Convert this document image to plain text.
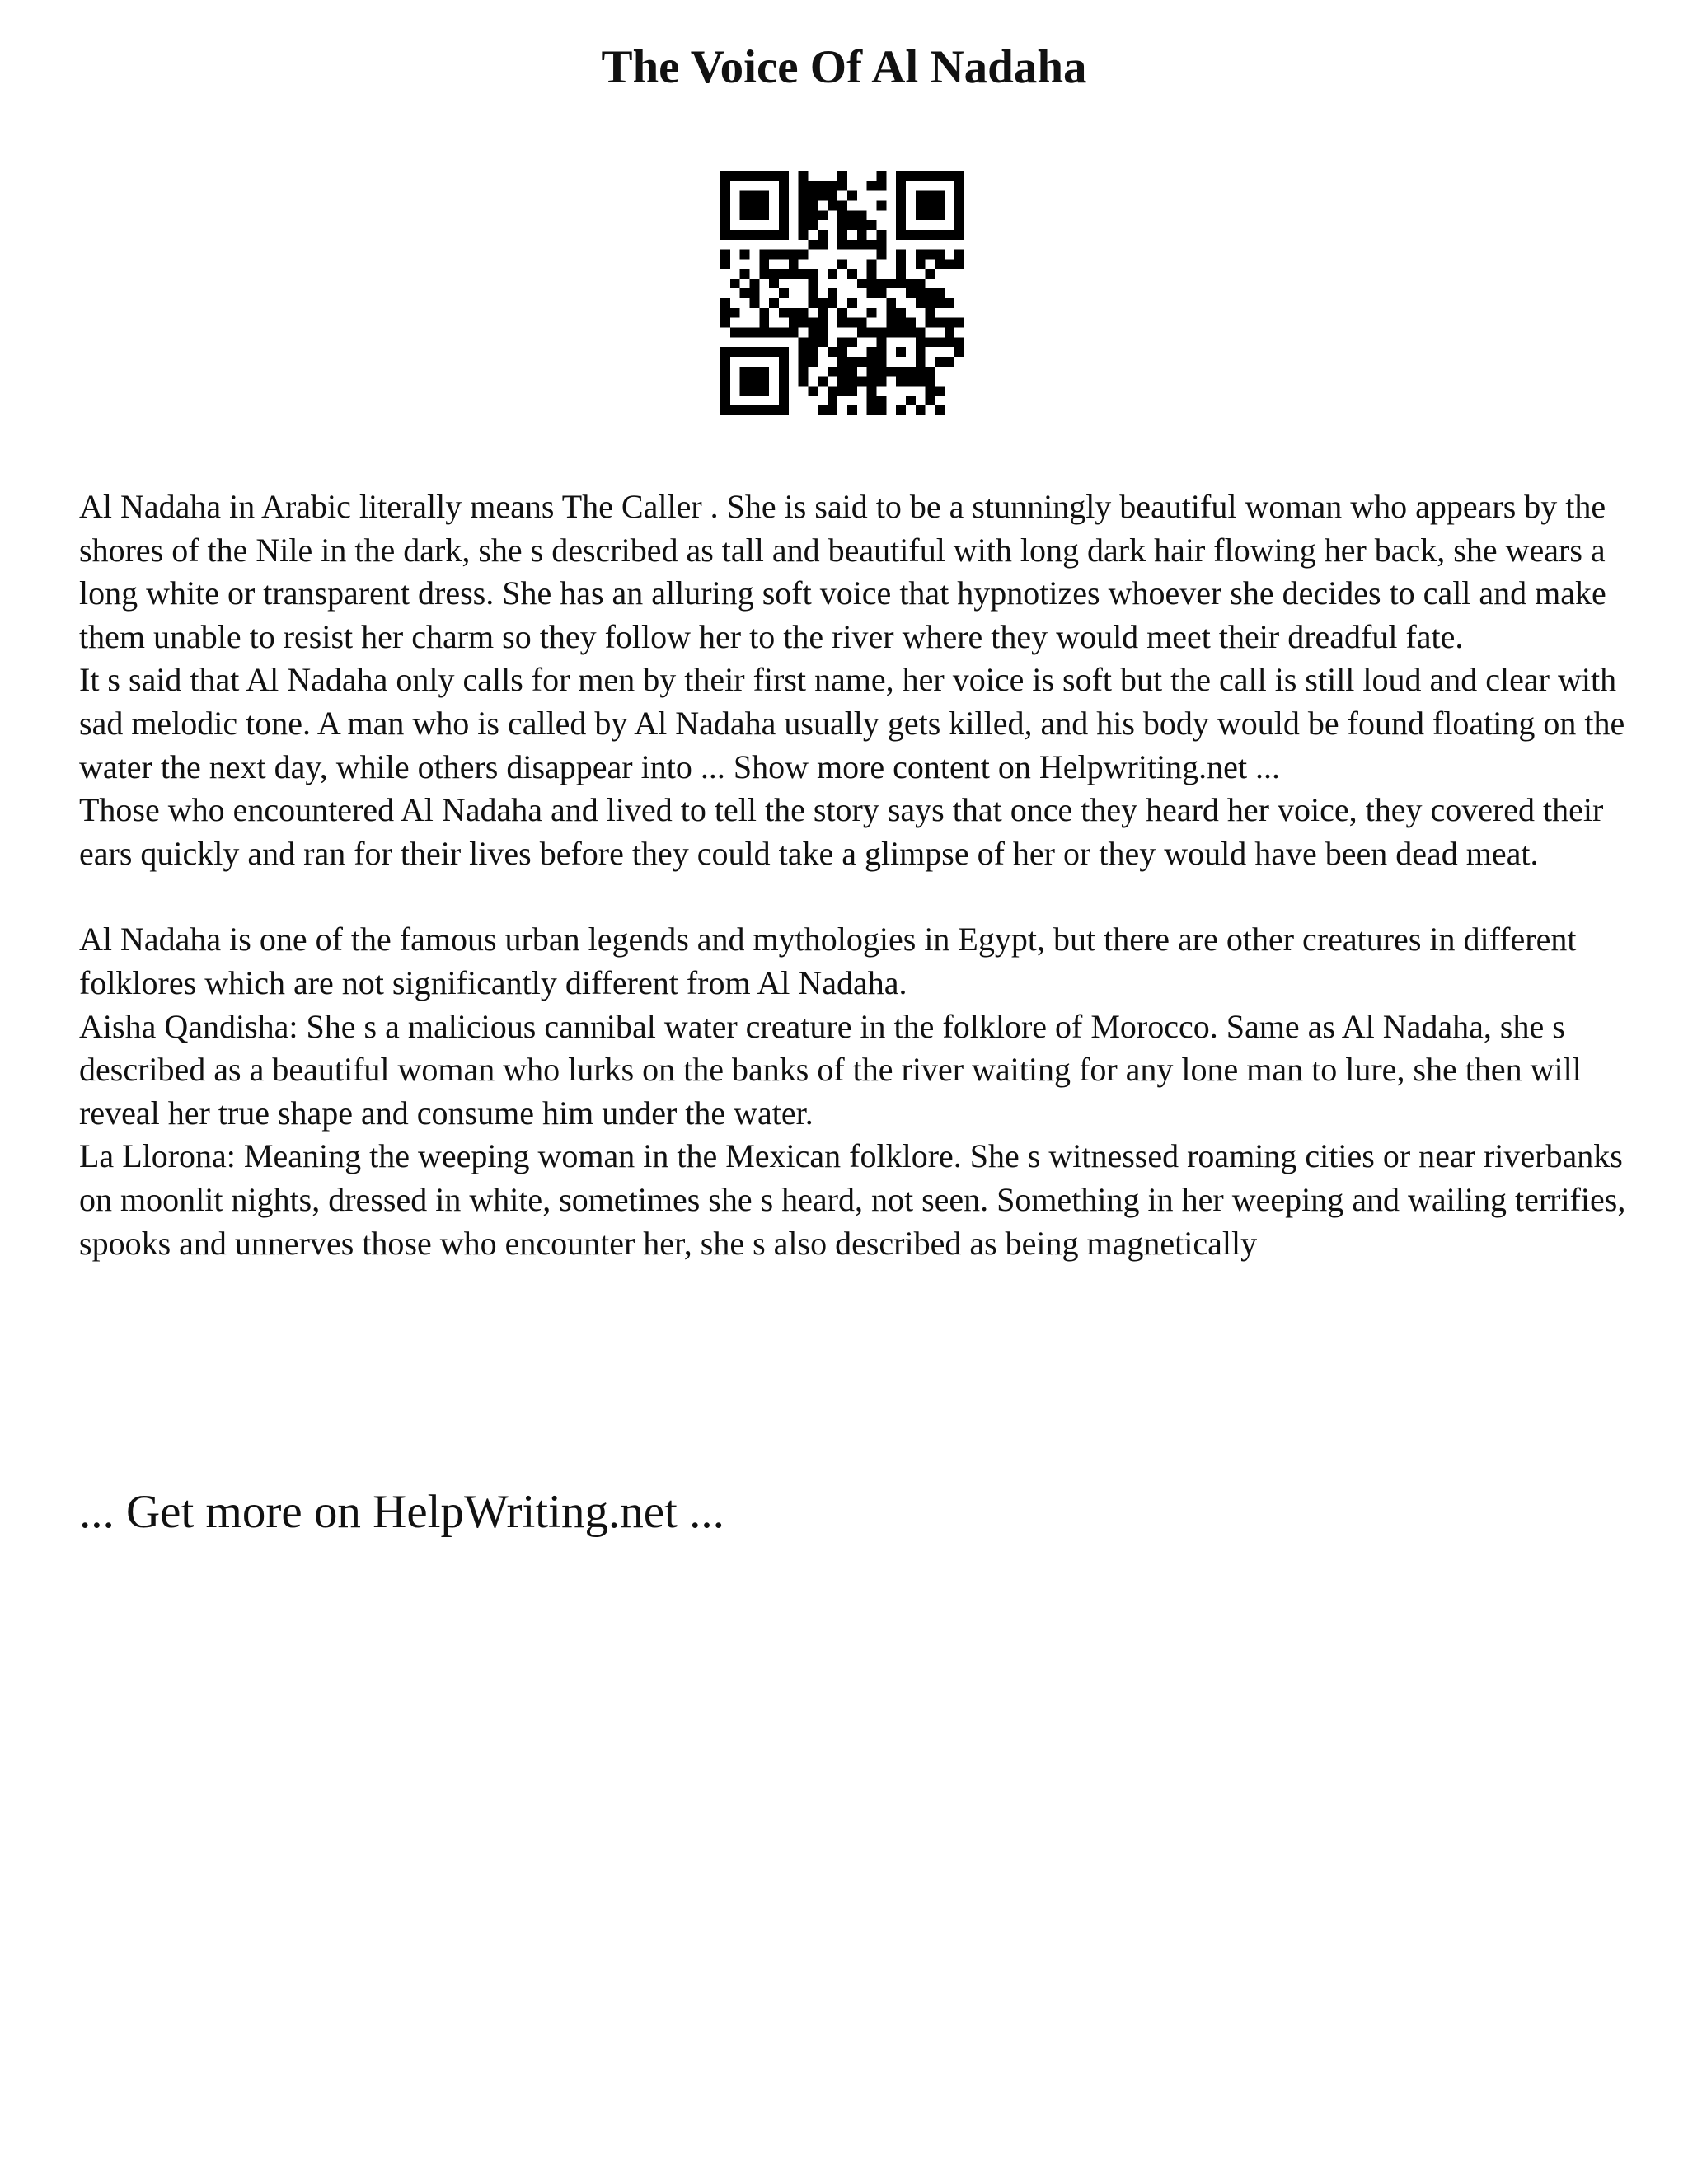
The Voice Of Al Nadaha

Al Nadaha in Arabic literally means The Caller . She is said to be a stunningly beautiful woman who appears by the shores of the Nile in the dark, she s described as tall and beautiful with long dark hair flowing her back, she wears a long white or transparent dress. She has an alluring soft voice that hypnotizes whoever she decides to call and make them unable to resist her charm so they follow her to the river where they would meet their dreadful fate.

It s said that Al Nadaha only calls for men by their first name, her voice is soft but the call is still loud and clear with sad melodic tone. A man who is called by Al Nadaha usually gets killed, and his body would be found floating on the water the next day, while others disappear into ... Show more content on Helpwriting.net ...

Those who encountered Al Nadaha and lived to tell the story says that once they heard her voice, they covered their ears quickly and ran for their lives before they could take a glimpse of her or they would have been dead meat.

Al Nadaha is one of the famous urban legends and mythologies in Egypt, but there are other creatures in different folklores which are not significantly different from Al Nadaha.

Aisha Qandisha: She s a malicious cannibal water creature in the folklore of Morocco. Same as Al Nadaha, she s described as a beautiful woman who lurks on the banks of the river waiting for any lone man to lure, she then will reveal her true shape and consume him under the water.

La Llorona: Meaning the weeping woman in the Mexican folklore. She s witnessed roaming cities or near riverbanks on moonlit nights, dressed in white, sometimes she s heard, not seen. Something in her weeping and wailing terrifies, spooks and unnerves those who encounter her, she s also described as being magnetically

... Get more on HelpWriting.net ...
